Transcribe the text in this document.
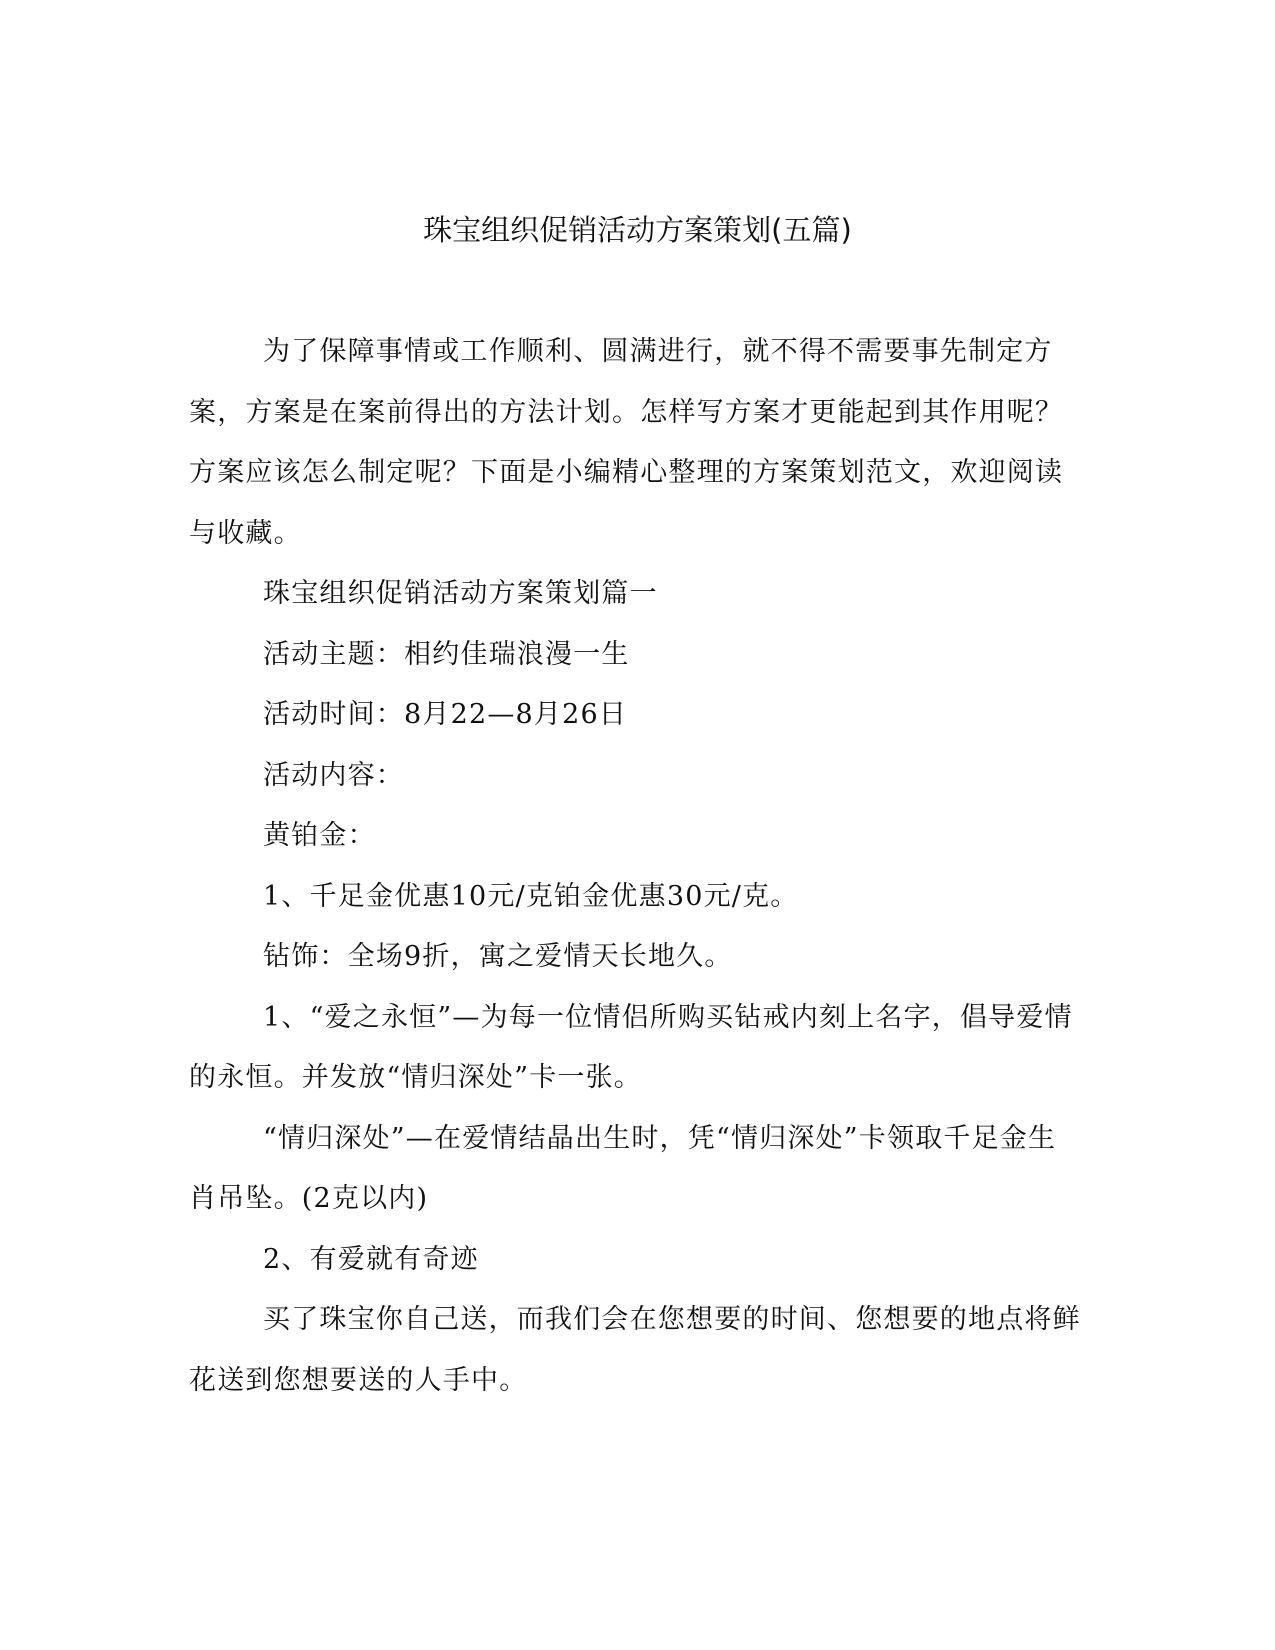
珠宝组织促销活动方案策划(五篇)

为了保障事情或工作顺利、圆满进行，就不得不需要事先制定方案，方案是在案前得出的方法计划。怎样写方案才更能起到其作用呢？方案应该怎么制定呢？下面是小编精心整理的方案策划范文，欢迎阅读与收藏。

珠宝组织促销活动方案策划篇一

活动主题：相约佳瑞浪漫一生

活动时间：8月22—8月26日

活动内容：

黄铂金：

1、千足金优惠10元/克铂金优惠30元/克。

钻饰：全场9折，寓之爱情天长地久。

1、“爱之永恒”—为每一位情侣所购买钻戒内刻上名字，倡导爱情的永恒。并发放“情归深处”卡一张。

“情归深处”—在爱情结晶出生时，凭“情归深处”卡领取千足金生肖吊坠。(2克以内)

2、有爱就有奇迹

买了珠宝你自己送，而我们会在您想要的时间、您想要的地点将鲜花送到您想要送的人手中。
